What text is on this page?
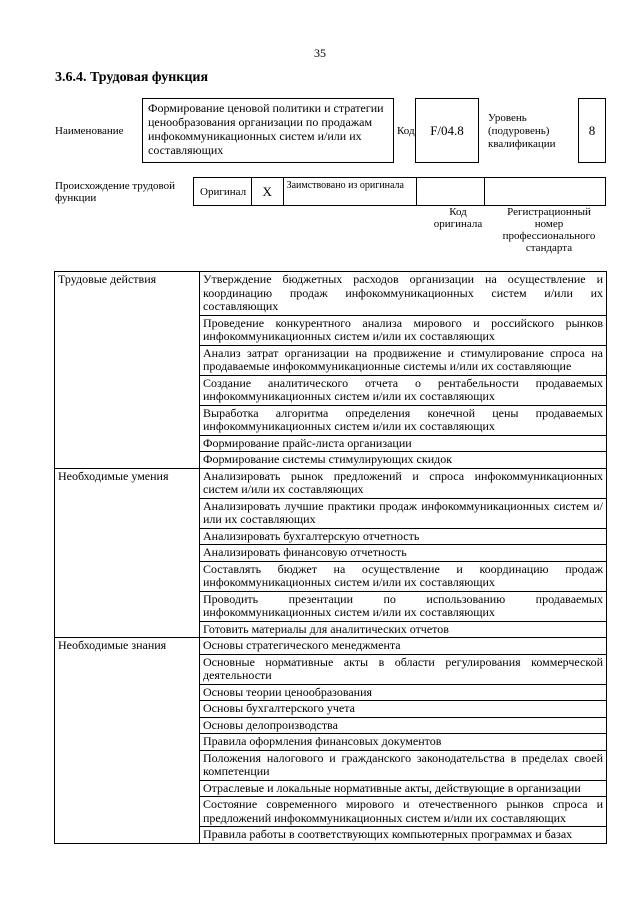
35
3.6.4. Трудовая функция
Наименование
Формирование ценовой политики и стратегии ценообразования организации по продажам инфокоммуникационных систем и/или их составляющих
Код	F/04.8
Уровень (подуровень) квалификации
8
Происхождение трудовой функции
Оригинал	X	Заимствовано из оригинала
Код оригинала
Регистрационный номер профессионального стандарта
Трудовые действия	Утверждение бюджетных расходов организации на осуществление и координацию продаж инфокоммуникационных систем и/или их составляющих
	Проведение конкурентного анализа мирового и российского рынков инфокоммуникационных систем и/или их составляющих
	Анализ затрат организации на продвижение и стимулирование спроса на продаваемые инфокоммуникационные системы и/или их составляющие
	Создание аналитического отчета о рентабельности продаваемых инфокоммуникационных систем и/или их составляющих
	Выработка алгоритма определения конечной цены продаваемых инфокоммуникационных систем и/или их составляющих
	Формирование прайс-листа организации
	Формирование системы стимулирующих скидок
Необходимые умения	Анализировать рынок предложений и спроса инфокоммуникационных систем и/или их составляющих
	Анализировать лучшие практики продаж инфокоммуникационных систем и/или их составляющих
	Анализировать бухгалтерскую отчетность
	Анализировать финансовую отчетность
	Составлять бюджет на осуществление и координацию продаж инфокоммуникационных систем и/или их составляющих
	Проводить презентации по использованию продаваемых инфокоммуникационных систем и/или их составляющих
	Готовить материалы для аналитических отчетов
Необходимые знания	Основы стратегического менеджмента
	Основные нормативные акты в области регулирования коммерческой деятельности
	Основы теории ценообразования
	Основы бухгалтерского учета
	Основы делопроизводства
	Правила оформления финансовых документов
	Положения налогового и гражданского законодательства в пределах своей компетенции
	Отраслевые и локальные нормативные акты, действующие в организации
	Состояние современного мирового и отечественного рынков спроса и предложений инфокоммуникационных систем и/или их составляющих
	Правила работы в соответствующих компьютерных программах и базах
